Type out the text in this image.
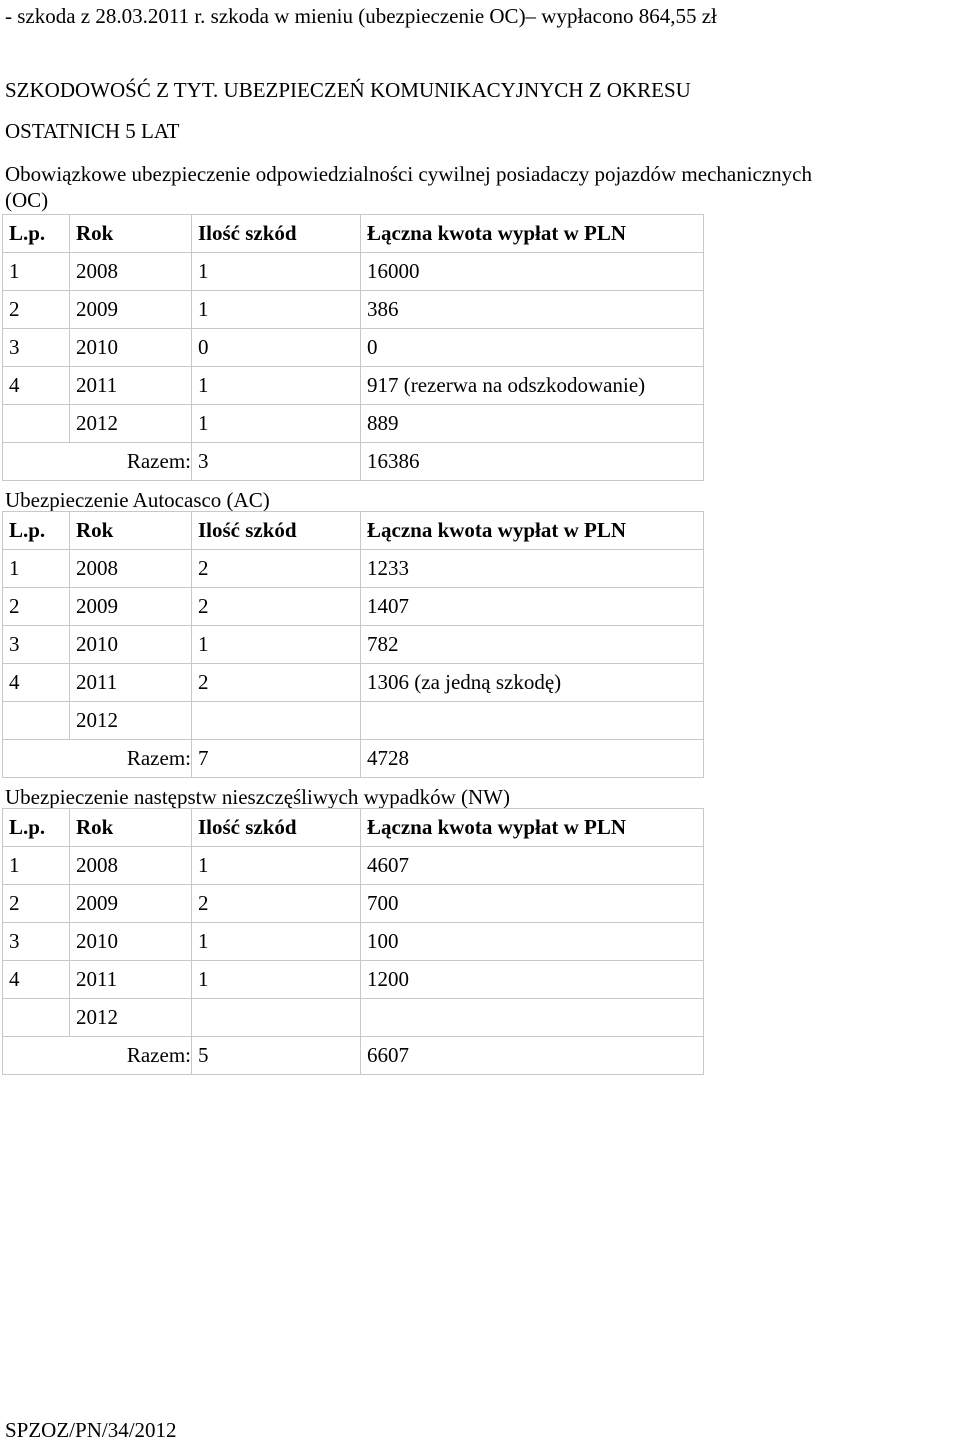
- szkoda z 28.03.2011 r. szkoda w mieniu (ubezpieczenie OC)– wypłacono 864,55 zł
SZKODOWOŚĆ Z TYT. UBEZPIECZEŃ KOMUNIKACYJNYCH Z OKRESU
OSTATNICH 5 LAT
Obowiązkowe ubezpieczenie odpowiedzialności cywilnej posiadaczy pojazdów mechanicznych
(OC)
L.p.	Rok	Ilość szkód	Łączna kwota wypłat w PLN
1	2008	1	16000
2	2009	1	386
3	2010	0	0
4	2011	1	917 (rezerwa na odszkodowanie)
	2012	1	889
Razem:		3	16386
Ubezpieczenie Autocasco (AC)
L.p.	Rok	Ilość szkód	Łączna kwota wypłat w PLN
1	2008	2	1233
2	2009	2	1407
3	2010	1	782
4	2011	2	1306 (za jedną szkodę)
	2012		
Razem:		7	4728
Ubezpieczenie następstw nieszczęśliwych wypadków (NW)
L.p.	Rok	Ilość szkód	Łączna kwota wypłat w PLN
1	2008	1	4607
2	2009	2	700
3	2010	1	100
4	2011	1	1200
	2012		
Razem:		5	6607
SPZOZ/PN/34/2012
